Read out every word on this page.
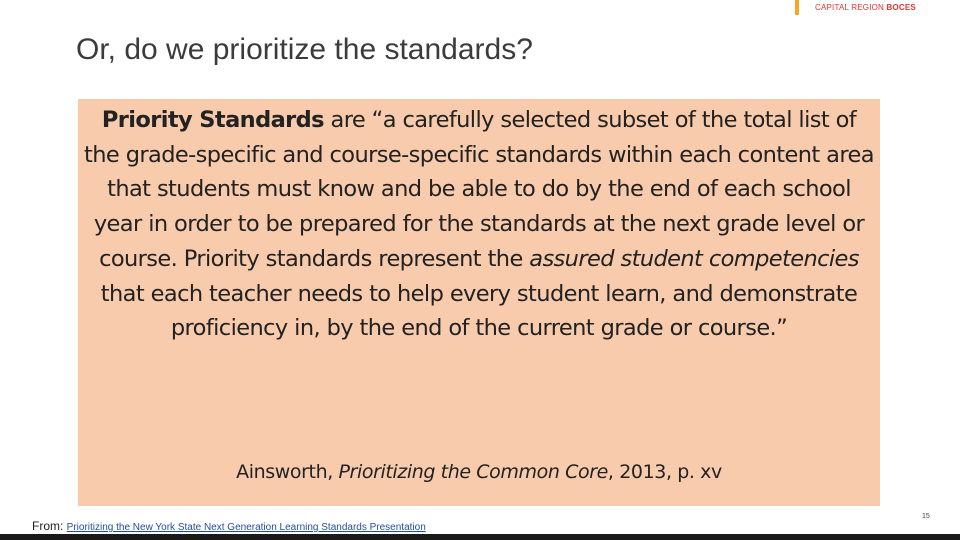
CAPITAL REGION BOCES
Or, do we prioritize the standards?

Priority Standards are “a carefully selected subset of the total list of the grade-specific and course-specific standards within each content area that students must know and be able to do by the end of each school year in order to be prepared for the standards at the next grade level or course. Priority standards represent the assured student competencies that each teacher needs to help every student learn, and demonstrate proficiency in, by the end of the current grade or course.”

Ainsworth, Prioritizing the Common Core, 2013, p. xv

From: Prioritizing the New York State Next Generation Learning Standards Presentation
15
